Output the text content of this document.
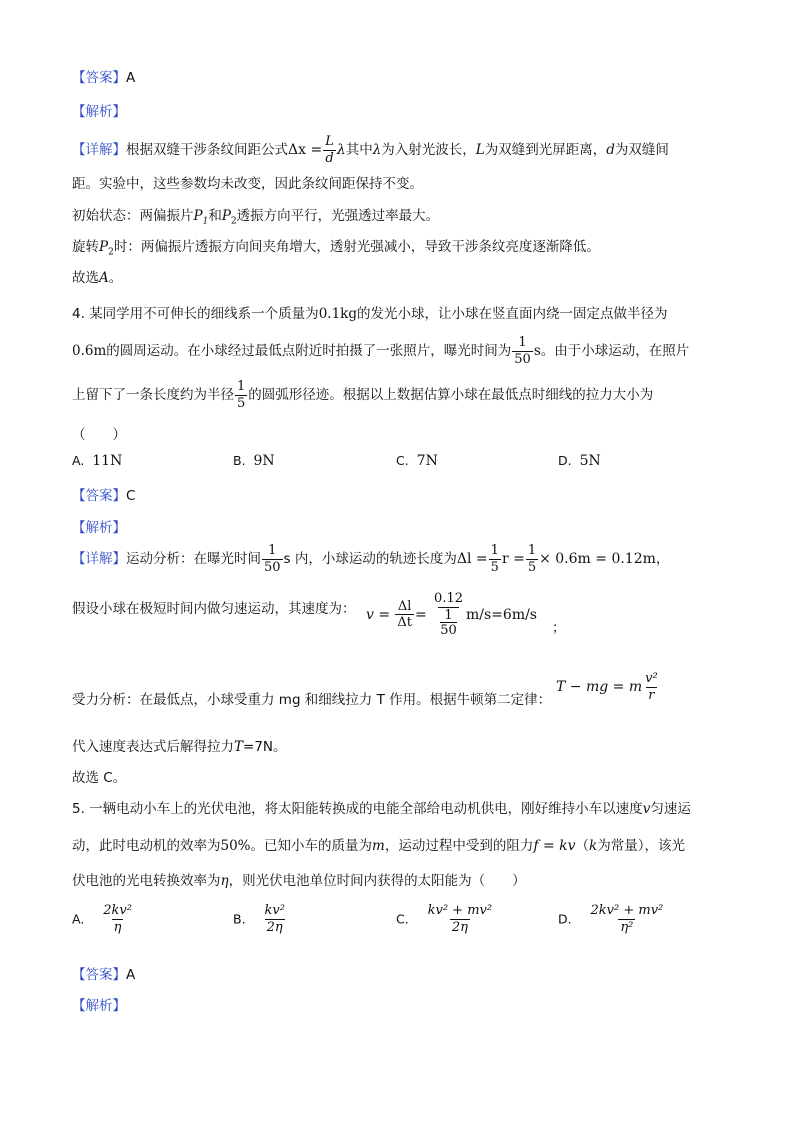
【答案】A
【解析】
【详解】根据双缝干涉条纹间距公式$\Delta x = \frac{L}{d}$ λ其中λ为入射光波长，L为双缝到光屏距离，d为双缝间
距。实验中，这些参数均未改变，因此条纹间距保持不变。
初始状态：两偏振片$P_1$和$P_2$透振方向平行，光强透过率最大。
旋转$P_2$时：两偏振片透振方向间夹角增大，透射光强减小，导致干涉条纹亮度逐渐降低。
故选A。
4. 某同学用不可伸长的细线系一个质量为0.1kg的发光小球，让小球在竖直面内绕一固定点做半径为
0.6m的圆周运动。在小球经过最低点附近时拍摄了一张照片，曝光时间为 $\frac{1}{50}$ s。由于小球运动，在照片
上留下了一条长度约为半径 $\frac{1}{5}$ 的圆弧形径迹。根据以上数据估算小球在最低点时细线的拉力大小为
（　　）
A. 11N	B. 9N	C. 7N	D. 5N
【答案】C
【解析】
【详解】运动分析：在曝光时间 $\frac{1}{50}$ s 内，小球运动的轨迹长度为$\Delta l = \frac{1}{5}$ $r = \frac{1}{5} \times 0.6m = 0.12m$，
假设小球在极短时间内做匀速运动，其速度为： $v = \frac{\Delta l}{\Delta t} = \frac{0.12}{\frac{1}{50}} m/s=6m/s$
；
受力分析：在最低点，小球受重力 mg 和细线拉力 T 作用。根据牛顿第二定律：
T − mg = m $\frac{\text{v²}}{r}$
代入速度表达式后解得拉力T=7N。
故选 C。
5. 一辆电动小车上的光伏电池，将太阳能转换成的电能全部给电动机供电，刚好维持小车以速度v匀速运
动，此时电动机的效率为50%。已知小车的质量为m，运动过程中受到的阻力f = kv（k为常量），该光
伏电池的光电转换效率为η，则光伏电池单位时间内获得的太阳能为（　　）
A. $\frac{\text{2kv²}}{\eta}$	B. $\frac{\text{kv²}}{2\eta}$	C. $\frac{\text{kv² + mv²}}{2\eta}$	D. $\frac{\text{2kv² + mv²}}{\text{η²}}$
【答案】A
【解析】
